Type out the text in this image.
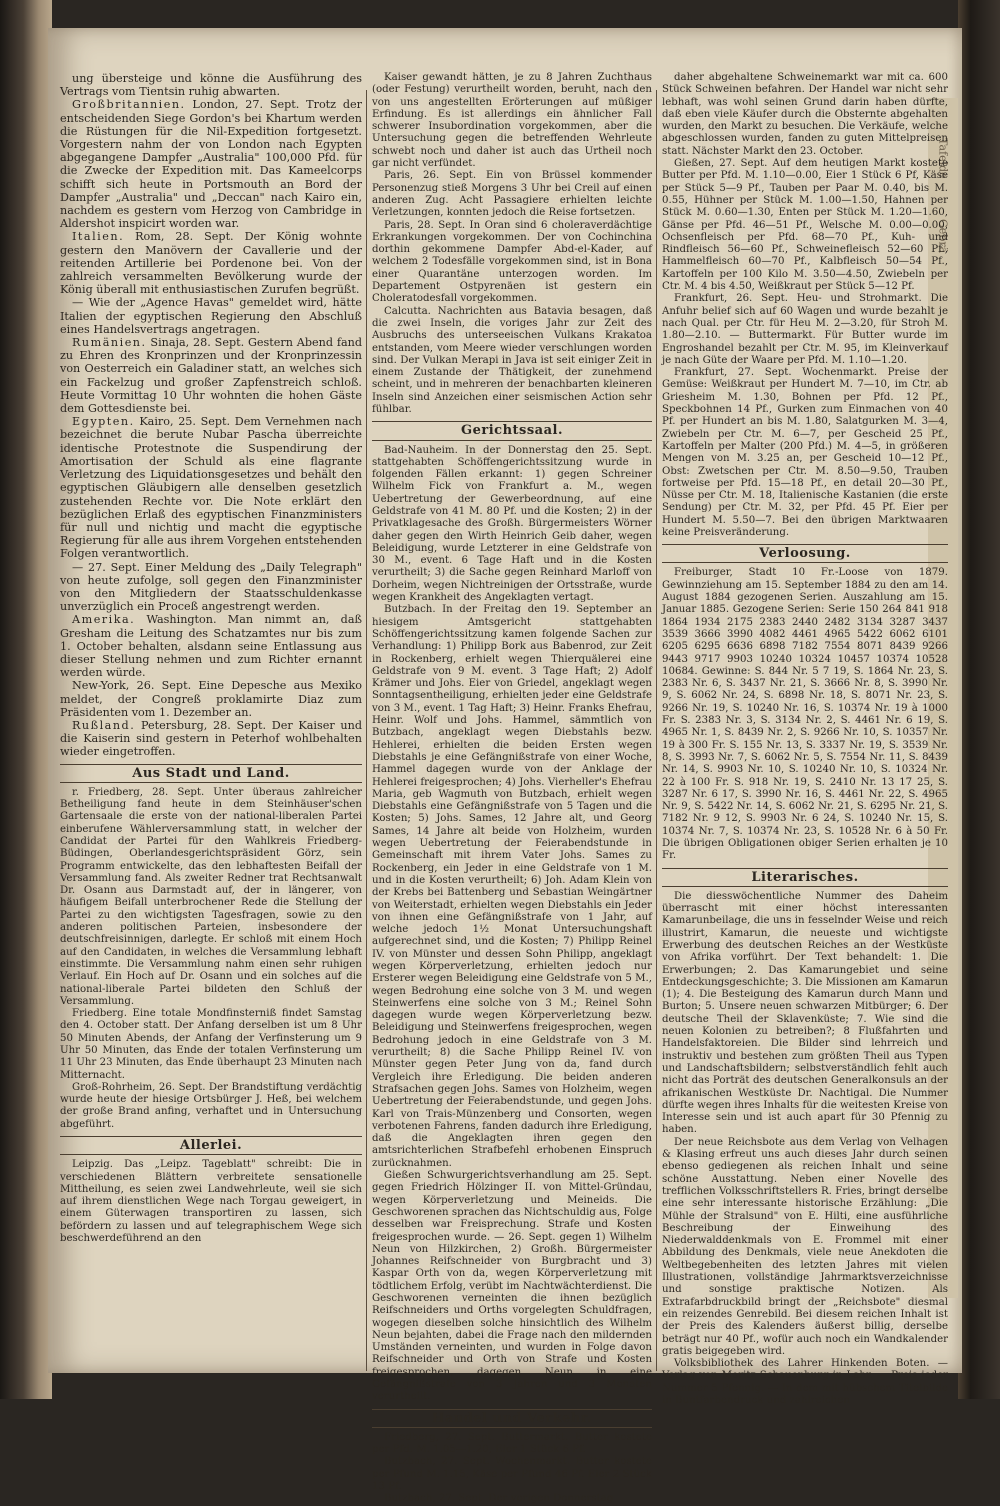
Tafelde
Gebrä

ung übersteige und könne die Ausführung des Vertrags vom Tientsin ruhig abwarten.

Großbritannien. London, 27. Sept. Trotz der entscheidenden Siege Gordon's bei Khartum werden die Rüstungen für die Nil-Expedition fortgesetzt. Vorgestern nahm der von London nach Egypten abgegangene Dampfer „Australia" 100,000 Pfd. für die Zwecke der Expedition mit. Das Kameelcorps schifft sich heute in Portsmouth an Bord der Dampfer „Australia" und „Deccan" nach Kairo ein, nachdem es gestern vom Herzog von Cambridge in Aldershot inspicirt worden war.

Italien. Rom, 28. Sept. Der König wohnte gestern den Manövern der Cavallerie und der reitenden Artillerie bei Pordenone bei. Von der zahlreich versammelten Bevölkerung wurde der König überall mit enthusiastischen Zurufen begrüßt.

— Wie der „Agence Havas" gemeldet wird, hätte Italien der egyptischen Regierung den Abschluß eines Handelsvertrags angetragen.

Rumänien. Sinaja, 28. Sept. Gestern Abend fand zu Ehren des Kronprinzen und der Kronprinzessin von Oesterreich ein Galadiner statt, an welches sich ein Fackelzug und großer Zapfenstreich schloß. Heute Vormittag 10 Uhr wohnten die hohen Gäste dem Gottesdienste bei.

Egypten. Kairo, 25. Sept. Dem Vernehmen nach bezeichnet die berute Nubar Pascha überreichte identische Protestnote die Suspendirung der Amortisation der Schuld als eine flagrante Verletzung des Liquidationsgesetzes und behält den egyptischen Gläubigern alle denselben gesetzlich zustehenden Rechte vor. Die Note erklärt den bezüglichen Erlaß des egyptischen Finanzministers für null und nichtig und macht die egyptische Regierung für alle aus ihrem Vorgehen entstehenden Folgen verantwortlich.

— 27. Sept. Einer Meldung des „Daily Telegraph" von heute zufolge, soll gegen den Finanzminister von den Mitgliedern der Staatsschuldenkasse unverzüglich ein Proceß angestrengt werden.

Amerika. Washington. Man nimmt an, daß Gresham die Leitung des Schatzamtes nur bis zum 1. October behalten, alsdann seine Entlassung aus dieser Stellung nehmen und zum Richter ernannt werden würde.

New-York, 26. Sept. Eine Depesche aus Mexiko meldet, der Congreß proklamirte Diaz zum Präsidenten vom 1. Dezember an.

Rußland. Petersburg, 28. Sept. Der Kaiser und die Kaiserin sind gestern in Peterhof wohlbehalten wieder eingetroffen.

Aus Stadt und Land.

r. Friedberg, 28. Sept. Unter überaus zahlreicher Betheiligung fand heute in dem Steinhäuser'schen Gartensaale die erste von der national-liberalen Partei einberufene Wählerversammlung statt, in welcher der Candidat der Partei für den Wahlkreis Friedberg-Büdingen, Oberlandesgerichtspräsident Görz, sein Programm entwickelte, das den lebhaftesten Beifall der Versammlung fand. Als zweiter Redner trat Rechtsanwalt Dr. Osann aus Darmstadt auf, der in längerer, von häufigem Beifall unterbrochener Rede die Stellung der Partei zu den wichtigsten Tagesfragen, sowie zu den anderen politischen Parteien, insbesondere der deutschfreisinnigen, darlegte. Er schloß mit einem Hoch auf den Candidaten, in welches die Versammlung lebhaft einstimmte. Die Versammlung nahm einen sehr ruhigen Verlauf. Ein Hoch auf Dr. Osann und ein solches auf die national-liberale Partei bildeten den Schluß der Versammlung.

Friedberg. Eine totale Mondfinsterniß findet Samstag den 4. October statt. Der Anfang derselben ist um 8 Uhr 50 Minuten Abends, der Anfang der Verfinsterung um 9 Uhr 50 Minuten, das Ende der totalen Verfinsterung um 11 Uhr 23 Minuten, das Ende überhaupt 23 Minuten nach Mitternacht.

Groß-Rohrheim, 26. Sept. Der Brandstiftung verdächtig wurde heute der hiesige Ortsbürger J. Heß, bei welchem der große Brand anfing, verhaftet und in Untersuchung abgeführt.

Allerlei.

Leipzig. Das „Leipz. Tageblatt" schreibt: Die in verschiedenen Blättern verbreitete sensationelle Mittheilung, es seien zwei Landwehrleute, weil sie sich auf ihrem dienstlichen Wege nach Torgau geweigert, in einem Güterwagen transportiren zu lassen, sich befördern zu lassen und auf telegraphischem Wege sich beschwerdeführend an den

Kaiser gewandt hätten, je zu 8 Jahren Zuchthaus (oder Festung) verurtheilt worden, beruht, nach den von uns angestellten Erörterungen auf müßiger Erfindung. Es ist allerdings ein ähnlicher Fall schwerer Insubordination vorgekommen, aber die Untersuchung gegen die betreffenden Wehrleute schwebt noch und daher ist auch das Urtheil noch gar nicht verfündet.

Paris, 26. Sept. Ein von Brüssel kommender Personenzug stieß Morgens 3 Uhr bei Creil auf einen anderen Zug. Acht Passagiere erhielten leichte Verletzungen, konnten jedoch die Reise fortsetzen.

Paris, 28. Sept. In Oran sind 6 choleraverdächtige Erkrankungen vorgekommen. Der von Cochinchina dorthin gekommene Dampfer Abd-el-Kader, auf welchem 2 Todesfälle vorgekommen sind, ist in Bona einer Quarantäne unterzogen worden. Im Departement Ostpyrenäen ist gestern ein Choleratodesfall vorgekommen.

Calcutta. Nachrichten aus Batavia besagen, daß die zwei Inseln, die voriges Jahr zur Zeit des Ausbruchs des unterseeischen Vulkans Krakatoa entstanden, vom Meere wieder verschlungen worden sind. Der Vulkan Merapi in Java ist seit einiger Zeit in einem Zustande der Thätigkeit, der zunehmend scheint, und in mehreren der benachbarten kleineren Inseln sind Anzeichen einer seismischen Action sehr fühlbar.

Gerichtssaal.

Bad-Nauheim. In der Donnerstag den 25. Sept. stattgehabten Schöffengerichtssitzung wurde in folgenden Fällen erkannt: 1) gegen Schreiner Wilhelm Fick von Frankfurt a. M., wegen Uebertretung der Gewerbeordnung, auf eine Geldstrafe von 41 M. 80 Pf. und die Kosten; 2) in der Privatklagesache des Großh. Bürgermeisters Wörner daher gegen den Wirth Heinrich Geib daher, wegen Beleidigung, wurde Letzterer in eine Geldstrafe von 30 M., event. 6 Tage Haft und in die Kosten verurtheilt; 3) die Sache gegen Reinhard Marloff von Dorheim, wegen Nichtreinigen der Ortsstraße, wurde wegen Krankheit des Angeklagten vertagt.

Butzbach. In der Freitag den 19. September an hiesigem Amtsgericht stattgehabten Schöffengerichtssitzung kamen folgende Sachen zur Verhandlung: 1) Philipp Bork aus Babenrod, zur Zeit in Rockenberg, erhielt wegen Thierquälerei eine Geldstrafe von 9 M. event. 3 Tage Haft; 2) Adolf Krämer und Johs. Eier von Griedel, angeklagt wegen Sonntagsentheiligung, erhielten jeder eine Geldstrafe von 3 M., event. 1 Tag Haft; 3) Heinr. Franks Ehefrau, Heinr. Wolf und Johs. Hammel, sämmtlich von Butzbach, angeklagt wegen Diebstahls bezw. Hehlerei, erhielten die beiden Ersten wegen Diebstahls je eine Gefängnißstrafe von einer Woche, Hammel dagegen wurde von der Anklage der Hehlerei freigesprochen; 4) Johs. Vierheller's Ehefrau Maria, geb Wagmuth von Butzbach, erhielt wegen Diebstahls eine Gefängnißstrafe von 5 Tagen und die Kosten; 5) Johs. Sames, 12 Jahre alt, und Georg Sames, 14 Jahre alt beide von Holzheim, wurden wegen Uebertretung der Feierabendstunde in Gemeinschaft mit ihrem Vater Johs. Sames zu Rockenberg, ein Jeder in eine Geldstrafe von 1 M. und in die Kosten verurtheilt; 6) Joh. Adam Klein von der Krebs bei Battenberg und Sebastian Weingärtner von Weiterstadt, erhielten wegen Diebstahls ein Jeder von ihnen eine Gefängnißstrafe von 1 Jahr, auf welche jedoch 1½ Monat Untersuchungshaft aufgerechnet sind, und die Kosten; 7) Philipp Reinel IV. von Münster und dessen Sohn Philipp, angeklagt wegen Körperverletzung, erhielten jedoch nur Ersterer wegen Beleidigung eine Geldstrafe von 5 M., wegen Bedrohung eine solche von 3 M. und wegen Steinwerfens eine solche von 3 M.; Reinel Sohn dagegen wurde wegen Körperverletzung bezw. Beleidigung und Steinwerfens freigesprochen, wegen Bedrohung jedoch in eine Geldstrafe von 3 M. verurtheilt; 8) die Sache Philipp Reinel IV. von Münster gegen Peter Jung von da, fand durch Vergleich ihre Erledigung. Die beiden anderen Strafsachen gegen Johs. Sames von Holzheim, wegen Uebertretung der Feierabendstunde, und gegen Johs. Karl von Trais-Münzenberg und Consorten, wegen verbotenen Fahrens, fanden dadurch ihre Erledigung, daß die Angeklagten ihren gegen den amtsrichterlichen Strafbefehl erhobenen Einspruch zurücknahmen.

Gießen Schwurgerichtsverhandlung am 25. Sept. gegen Friedrich Hölzinger II. von Mittel-Gründau, wegen Körperverletzung und Meineids. Die Geschworenen sprachen das Nichtschuldig aus, Folge desselben war Freisprechung. Strafe und Kosten freigesprochen wurde. — 26. Sept. gegen 1) Wilhelm Neun von Hilzkirchen, 2) Großh. Bürgermeister Johannes Reifschneider von Burgbracht und 3) Kaspar Orth von da, wegen Körperverletzung mit tödtlichem Erfolg, verübt im Nachtwächterdienst. Die Geschworenen verneinten die ihnen bezüglich Reifschneiders und Orths vorgelegten Schuldfragen, wogegen dieselben solche hinsichtlich des Wilhelm Neun bejahten, dabei die Frage nach den mildernden Umständen verneinten, und wurden in Folge davon Reifschneider und Orth von Strafe und Kosten freigesprochen, dagegen Neun in eine Gefängnißstrafe von 3 Jahren und 3 Monaten verurtheilt.

Handel und Verkehr.

Friedberg, 27. Sept. Buttermarkt. Butter kostete per Pfd. M. 1.05—1.20, Eier 1 Stück 6 Pf.

Butzbach, 27. Sept. Wochenmarkt. Butter kostete per Pfund M. 1.15, Käse per Pfund 46 Pf. Eier 2 Stück 13 Pf.

Butzbach, 27. Sept. Der vorigen Donnerstag

daher abgehaltene Schweinemarkt war mit ca. 600 Stück Schweinen befahren. Der Handel war nicht sehr lebhaft, was wohl seinen Grund darin haben dürfte, daß eben viele Käufer durch die Obsternte abgehalten wurden, den Markt zu besuchen. Die Verkäufe, welche abgeschlossen wurden, fanden zu guten Mittelpreisen statt. Nächster Markt den 23. October.

Gießen, 27. Sept. Auf dem heutigen Markt kostete Butter per Pfd. M. 1.10—0.00, Eier 1 Stück 6 Pf, Käse per Stück 5—9 Pf., Tauben per Paar M. 0.40, bis M. 0.55, Hühner per Stück M. 1.00—1.50, Hahnen per Stück M. 0.60—1.30, Enten per Stück M. 1.20—1.60, Gänse per Pfd. 46—51 Pf., Welsche M. 0.00—0.00, Ochsenfleisch per Pfd. 68—70 Pf., Kuh- und Rindfleisch 56—60 Pf., Schweinefleisch 52—60 Pf., Hammelfleisch 60—70 Pf., Kalbfleisch 50—54 Pf., Kartoffeln per 100 Kilo M. 3.50—4.50, Zwiebeln per Ctr. M. 4 bis 4.50, Weißkraut per Stück 5—12 Pf.

Frankfurt, 26. Sept. Heu- und Strohmarkt. Die Anfuhr belief sich auf 60 Wagen und wurde bezahlt je nach Qual. per Ctr. für Heu M. 2—3.20, für Stroh M. 1.80—2.10. — Buttermarkt. Für Butter wurde im Engroshandel bezahlt per Ctr. M. 95, im Kleinverkauf je nach Güte der Waare per Pfd. M. 1.10—1.20.

Frankfurt, 27. Sept. Wochenmarkt. Preise der Gemüse: Weißkraut per Hundert M. 7—10, im Ctr. ab Griesheim M. 1.30, Bohnen per Pfd. 12 Pf., Speckbohnen 14 Pf., Gurken zum Einmachen von 40 Pf. per Hundert an bis M. 1.80, Salatgurken M. 3—4, Zwiebeln per Ctr. M. 6—7, per Gescheid 25 Pf., Kartoffeln per Malter (200 Pfd.) M. 4—5, in größeren Mengen von M. 3.25 an, per Gescheid 10—12 Pf., Obst: Zwetschen per Ctr. M. 8.50—9.50, Trauben fortweise per Pfd. 15—18 Pf., en detail 20—30 Pf., Nüsse per Ctr. M. 18, Italienische Kastanien (die erste Sendung) per Ctr. M. 32, per Pfd. 45 Pf. Eier per Hundert M. 5.50—7. Bei den übrigen Marktwaaren keine Preisveränderung.

Verloosung.

Freiburger, Stadt 10 Fr.-Loose von 1879. Gewinnziehung am 15. September 1884 zu den am 14. August 1884 gezogenen Serien. Auszahlung am 15. Januar 1885. Gezogene Serien: Serie 150 264 841 918 1864 1934 2175 2383 2440 2482 3134 3287 3437 3539 3666 3990 4082 4461 4965 5422 6062 6101 6205 6295 6636 6898 7182 7554 8071 8439 9266 9443 9717 9903 10240 10324 10457 10374 10528 10684. Gewinne: S. 844 Nr. 5 7 19, S. 1864 Nr. 23, S. 2383 Nr. 6, S. 3437 Nr. 21, S. 3666 Nr. 8, S. 3990 Nr. 9, S. 6062 Nr. 24, S. 6898 Nr. 18, S. 8071 Nr. 23, S. 9266 Nr. 19, S. 10240 Nr. 16, S. 10374 Nr. 19 à 1000 Fr. S. 2383 Nr. 3, S. 3134 Nr. 2, S. 4461 Nr. 6 19, S. 4965 Nr. 1, S. 8439 Nr. 2, S. 9266 Nr. 10, S. 10357 Nr. 19 à 300 Fr. S. 155 Nr. 13, S. 3337 Nr. 19, S. 3539 Nr. 8, S. 3993 Nr. 7, S. 6062 Nr. 5, S. 7554 Nr. 11, S. 8439 Nr. 14, S. 9903 Nr. 10, S. 10240 Nr. 10, S. 10324 Nr. 22 à 100 Fr. S. 918 Nr. 19, S. 2410 Nr. 13 17 25, S. 3287 Nr. 6 17, S. 3990 Nr. 16, S. 4461 Nr. 22, S. 4965 Nr. 9, S. 5422 Nr. 14, S. 6062 Nr. 21, S. 6295 Nr. 21, S. 7182 Nr. 9 12, S. 9903 Nr. 6 24, S. 10240 Nr. 15, S. 10374 Nr. 7, S. 10374 Nr. 23, S. 10528 Nr. 6 à 50 Fr. Die übrigen Obligationen obiger Serien erhalten je 10 Fr.

Literarisches.

Die diesswöchentliche Nummer des Daheim überrascht mit einer höchst interessanten Kamarunbeilage, die uns in fesselnder Weise und reich illustrirt, Kamarun, die neueste und wichtigste Erwerbung des deutschen Reiches an der Westküste von Afrika vorführt. Der Text behandelt: 1. Die Erwerbungen; 2. Das Kamarungebiet und seine Entdeckungsgeschichte; 3. Die Missionen am Kamarun (1); 4. Die Besteigung des Kamarun durch Mann und Burton; 5. Unsere neuen schwarzen Mitbürger; 6. Der deutsche Theil der Sklavenküste; 7. Wie sind die neuen Kolonien zu betreiben?; 8 Flußfahrten und Handelsfaktoreien. Die Bilder sind lehrreich und instruktiv und bestehen zum größten Theil aus Typen und Landschaftsbildern; selbstverständlich fehlt auch nicht das Porträt des deutschen Generalkonsuls an der afrikanischen Westküste Dr. Nachtigal. Die Nummer dürfte wegen ihres Inhalts für die weitesten Kreise von Interesse sein und ist auch apart für 30 Pfennig zu haben.

Der neue Reichsbote aus dem Verlag von Velhagen & Klasing erfreut uns auch dieses Jahr durch seinen ebenso gediegenen als reichen Inhalt und seine schöne Ausstattung. Neben einer Novelle des trefflichen Volksschriftstellers R. Fries, bringt derselbe eine sehr interessante historische Erzählung: „Die Mühle der Stralsund" von E. Hilti, eine ausführliche Beschreibung der Einweihung des Niederwalddenkmals von E. Frommel mit einer Abbildung des Denkmals, viele neue Anekdoten die Weltbegebenheiten des letzten Jahres mit vielen Illustrationen, vollständige Jahrmarktsverzeichnisse und sonstige praktische Notizen. Als Extrafarbdruckbild bringt der „Reichsbote" diesmal ein reizendes Genrebild. Bei diesem reichen Inhalt ist der Preis des Kalenders äußerst billig, derselbe beträgt nur 40 Pf., wofür auch noch ein Wandkalender gratis beigegeben wird.

Volksbibliothek des Lahrer Hinkenden Boten. — Verlag von Moritz Schauenburg in Lahr. — Preis jeder Nummer 5 Pfennig. — In dem mit hübschem Titelbilde in Buntfarbendruck und zahlreichen
